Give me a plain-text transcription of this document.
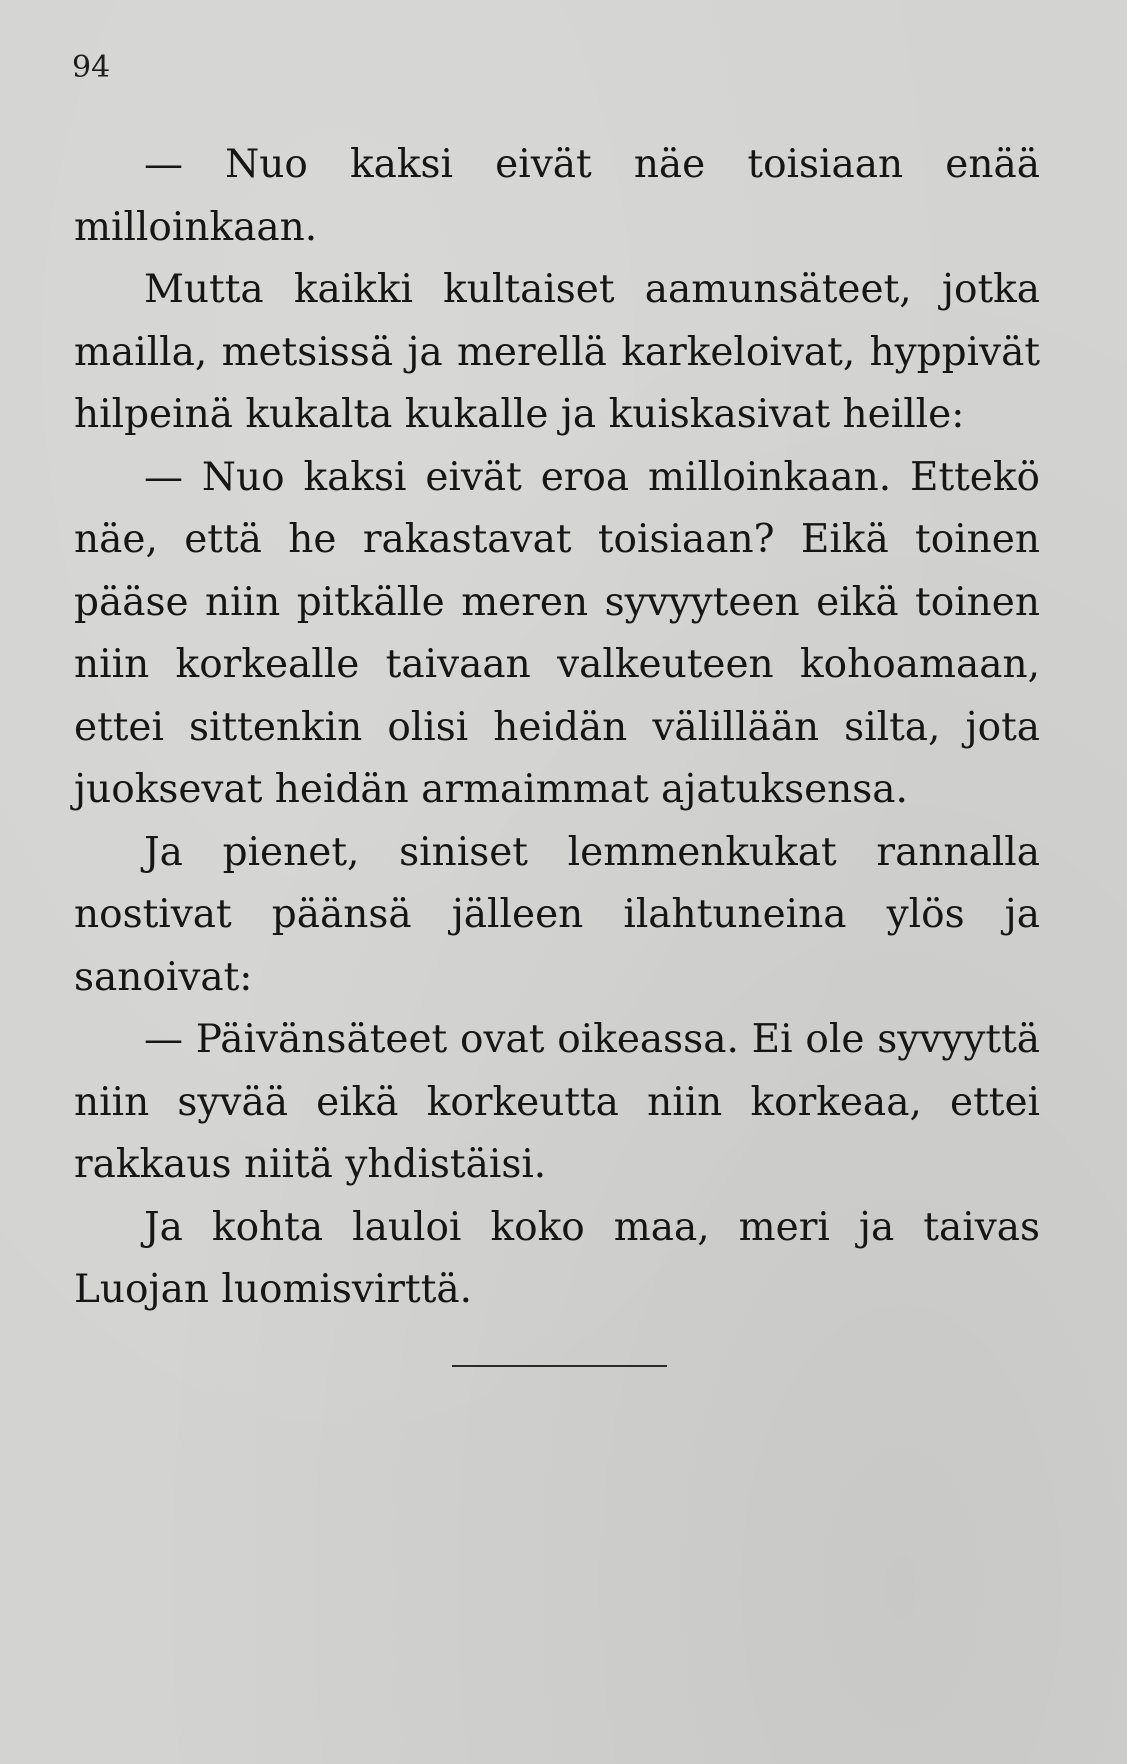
94

— Nuo kaksi eivät näe toisiaan enää milloinkaan.

Mutta kaikki kultaiset aamunsäteet, jotka mailla, metsissä ja merellä karkeloivat, hyppivät hilpeinä kukalta kukalle ja kuiskasivat heille:

— Nuo kaksi eivät eroa milloinkaan. Ettekö näe, että he rakastavat toisiaan? Eikä toinen pääse niin pitkälle meren syvyyteen eikä toinen niin korkealle taivaan valkeuteen kohoamaan, ettei sittenkin olisi heidän välillään silta, jota juoksevat heidän armaimmat ajatuksensa.

Ja pienet, siniset lemmenkukat rannalla nostivat päänsä jälleen ilahtuneina ylös ja sanoivat:

— Päivänsäteet ovat oikeassa. Ei ole syvyyttä niin syvää eikä korkeutta niin korkeaa, ettei rakkaus niitä yhdistäisi.

Ja kohta lauloi koko maa, meri ja taivas Luojan luomisvirttä.
